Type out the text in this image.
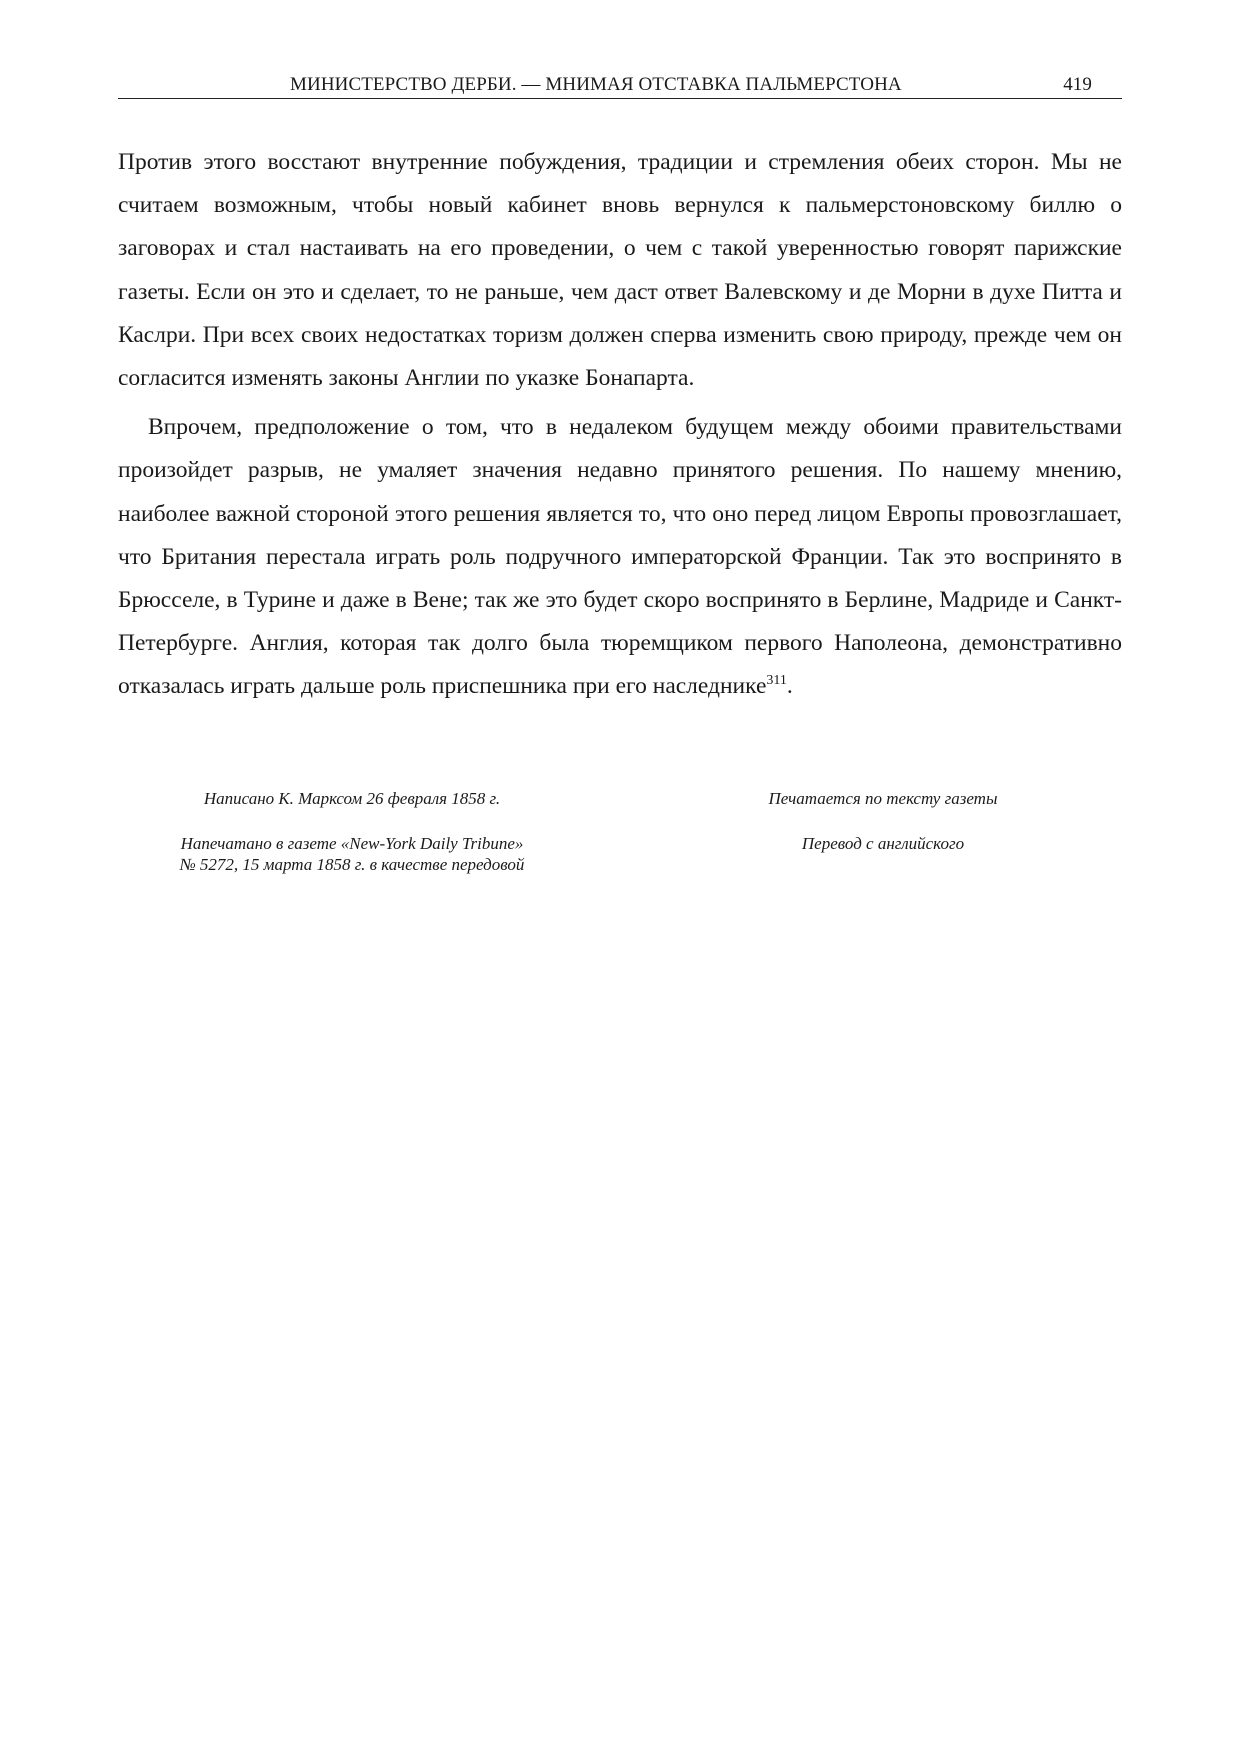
МИНИСТЕРСТВО ДЕРБИ. — МНИМАЯ ОТСТАВКА ПАЛЬМЕРСТОНА	419

Против этого восстают внутренние побуждения, традиции и стремления обеих сторон. Мы не считаем возможным, чтобы новый кабинет вновь вернулся к пальмерстоновскому биллю о заговорах и стал настаивать на его проведении, о чем с такой уверенностью говорят парижские газеты. Если он это и сделает, то не раньше, чем даст ответ Валевскому и де Морни в духе Питта и Каслри. При всех своих недостатках торизм должен сперва изменить свою природу, прежде чем он согласится изменять законы Англии по указке Бонапарта.

Впрочем, предположение о том, что в недалеком будущем между обоими правительствами произойдет разрыв, не умаляет значения недавно принятого решения. По нашему мнению, наиболее важной стороной этого решения является то, что оно перед лицом Европы провозглашает, что Британия перестала играть роль подручного императорской Франции. Так это воспринято в Брюсселе, в Турине и даже в Вене; так же это будет скоро воспринято в Берлине, Мадриде и Санкт-Петербурге. Англия, которая так долго была тюремщиком первого Наполеона, демонстративно отказалась играть дальше роль приспешника при его наследнике$^{311}$.

Написано К. Марксом 26 февраля 1858 г.
Напечатано в газете «New-York Daily Tribune»
№ 5272, 15 марта 1858 г. в качестве передовой
Печатается по тексту газеты
Перевод с английского
